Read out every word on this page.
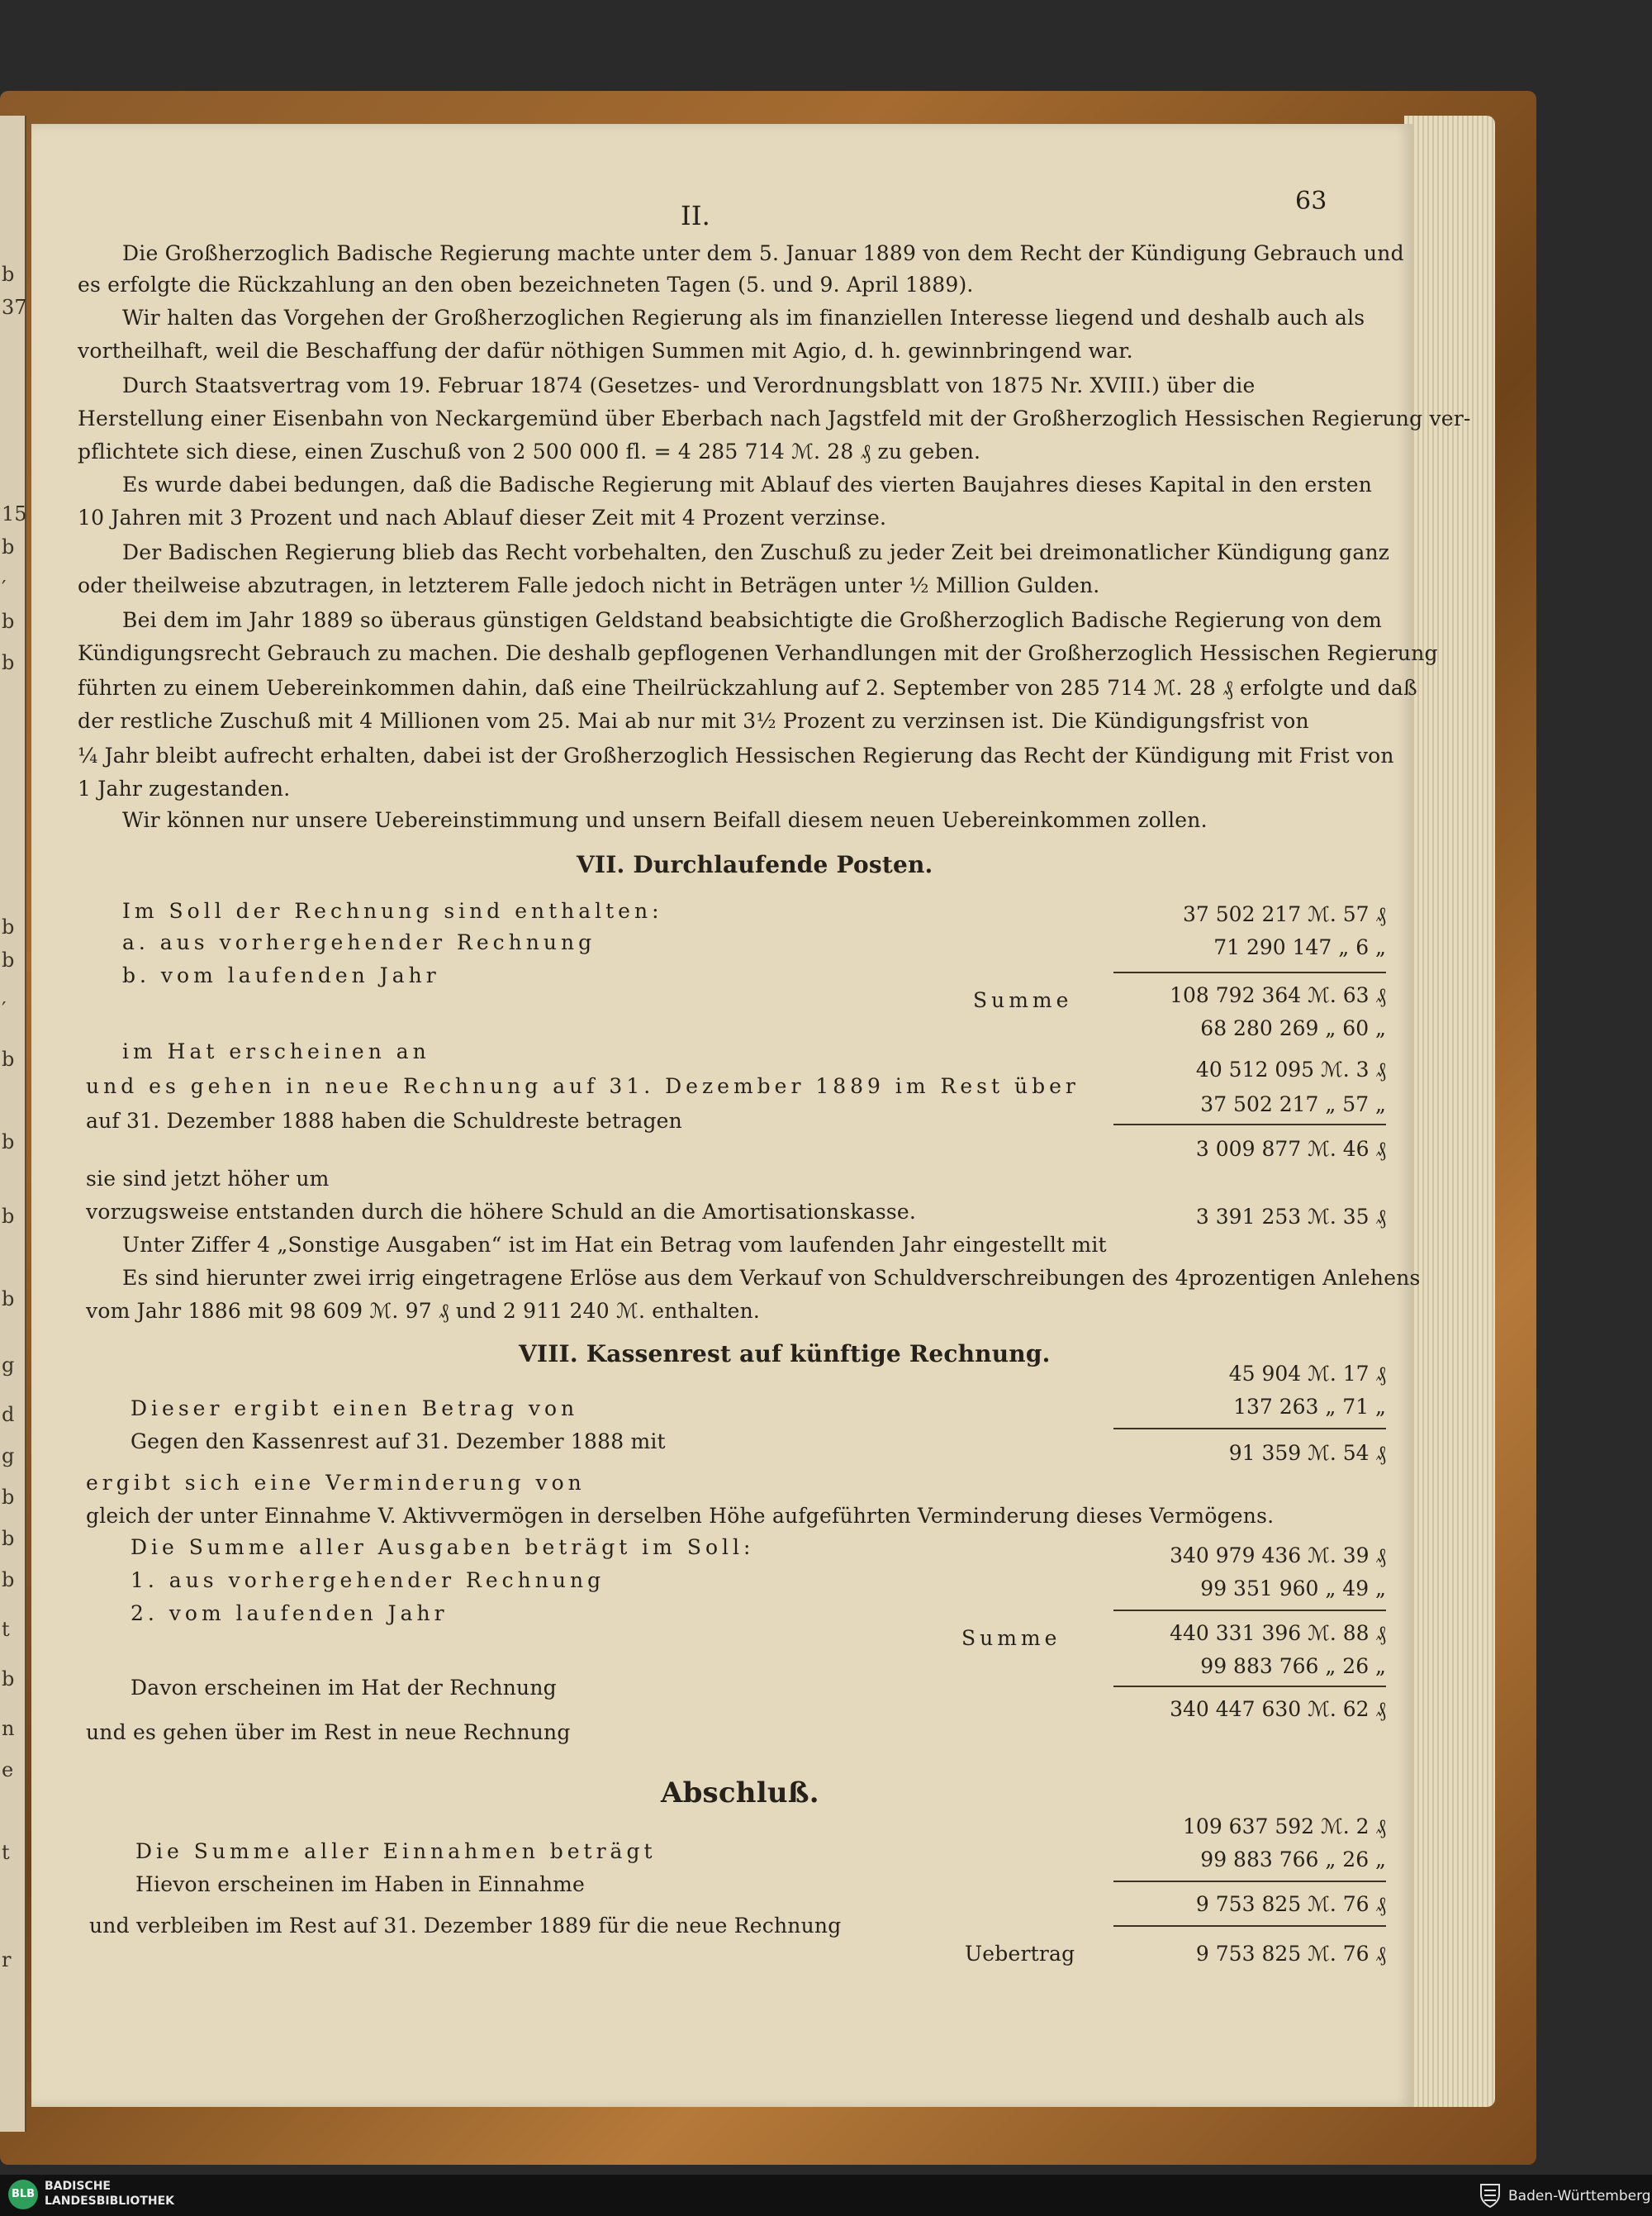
b
37
15
b
′
b
b
b
b
′
b
b
b
b
g
d
g
b
b
b
t
b
n
e
t
r
II.	63
Die Großherzoglich Badische Regierung machte unter dem 5. Januar 1889 von dem Recht der Kündigung Gebrauch und
es erfolgte die Rückzahlung an den oben bezeichneten Tagen (5. und 9. April 1889).
Wir halten das Vorgehen der Großherzoglichen Regierung als im finanziellen Interesse liegend und deshalb auch als
vortheilhaft, weil die Beschaffung der dafür nöthigen Summen mit Agio, d. h. gewinnbringend war.
Durch Staatsvertrag vom 19. Februar 1874 (Gesetzes- und Verordnungsblatt von 1875 Nr. XVIII.) über die
Herstellung einer Eisenbahn von Neckargemünd über Eberbach nach Jagstfeld mit der Großherzoglich Hessischen Regierung ver-
pflichtete sich diese, einen Zuschuß von 2 500 000 fl. = 4 285 714 ℳ. 28 ₰ zu geben.
Es wurde dabei bedungen, daß die Badische Regierung mit Ablauf des vierten Baujahres dieses Kapital in den ersten
10 Jahren mit 3 Prozent und nach Ablauf dieser Zeit mit 4 Prozent verzinse.
Der Badischen Regierung blieb das Recht vorbehalten, den Zuschuß zu jeder Zeit bei dreimonatlicher Kündigung ganz
oder theilweise abzutragen, in letzterem Falle jedoch nicht in Beträgen unter ½ Million Gulden.
Bei dem im Jahr 1889 so überaus günstigen Geldstand beabsichtigte die Großherzoglich Badische Regierung von dem
Kündigungsrecht Gebrauch zu machen. Die deshalb gepflogenen Verhandlungen mit der Großherzoglich Hessischen Regierung
führten zu einem Uebereinkommen dahin, daß eine Theilrückzahlung auf 2. September von 285 714 ℳ. 28 ₰ erfolgte und daß
der restliche Zuschuß mit 4 Millionen vom 25. Mai ab nur mit 3½ Prozent zu verzinsen ist. Die Kündigungsfrist von
¼ Jahr bleibt aufrecht erhalten, dabei ist der Großherzoglich Hessischen Regierung das Recht der Kündigung mit Frist von
1 Jahr zugestanden.
Wir können nur unsere Uebereinstimmung und unsern Beifall diesem neuen Uebereinkommen zollen.
VII. Durchlaufende Posten.
Im Soll der Rechnung sind enthalten:
a. aus vorhergehender Rechnung
b. vom laufenden Jahr
Summe
im Hat erscheinen an
und es gehen in neue Rechnung auf 31. Dezember 1889 im Rest über
auf 31. Dezember 1888 haben die Schuldreste betragen
sie sind jetzt höher um
vorzugsweise entstanden durch die höhere Schuld an die Amortisationskasse.
Unter Ziffer 4 „Sonstige Ausgaben“ ist im Hat ein Betrag vom laufenden Jahr eingestellt mit
Es sind hierunter zwei irrig eingetragene Erlöse aus dem Verkauf von Schuldverschreibungen des 4prozentigen Anlehens
vom Jahr 1886 mit 98 609 ℳ. 97 ₰ und 2 911 240 ℳ. enthalten.
37 502 217 ℳ. 57 ₰
71 290 147 „ 6 „
108 792 364 ℳ. 63 ₰
68 280 269 „ 60 „
40 512 095 ℳ. 3 ₰
37 502 217 „ 57 „
3 009 877 ℳ. 46 ₰
3 391 253 ℳ. 35 ₰
VIII. Kassenrest auf künftige Rechnung.
Dieser ergibt einen Betrag von
Gegen den Kassenrest auf 31. Dezember 1888 mit
ergibt sich eine Verminderung von
gleich der unter Einnahme V. Aktivvermögen in derselben Höhe aufgeführten Verminderung dieses Vermögens.
Die Summe aller Ausgaben beträgt im Soll:
1. aus vorhergehender Rechnung
2. vom laufenden Jahr
Summe
Davon erscheinen im Hat der Rechnung
und es gehen über im Rest in neue Rechnung
45 904 ℳ. 17 ₰
137 263 „ 71 „
91 359 ℳ. 54 ₰
340 979 436 ℳ. 39 ₰
99 351 960 „ 49 „
440 331 396 ℳ. 88 ₰
99 883 766 „ 26 „
340 447 630 ℳ. 62 ₰
Abschluß.
Die Summe aller Einnahmen beträgt
Hievon erscheinen im Haben in Einnahme
und verbleiben im Rest auf 31. Dezember 1889 für die neue Rechnung
Uebertrag
109 637 592 ℳ. 2 ₰
99 883 766 „ 26 „
9 753 825 ℳ. 76 ₰
9 753 825 ℳ. 76 ₰
BLB
BADISCHE
LANDESBIBLIOTHEK	Baden-Württemberg
